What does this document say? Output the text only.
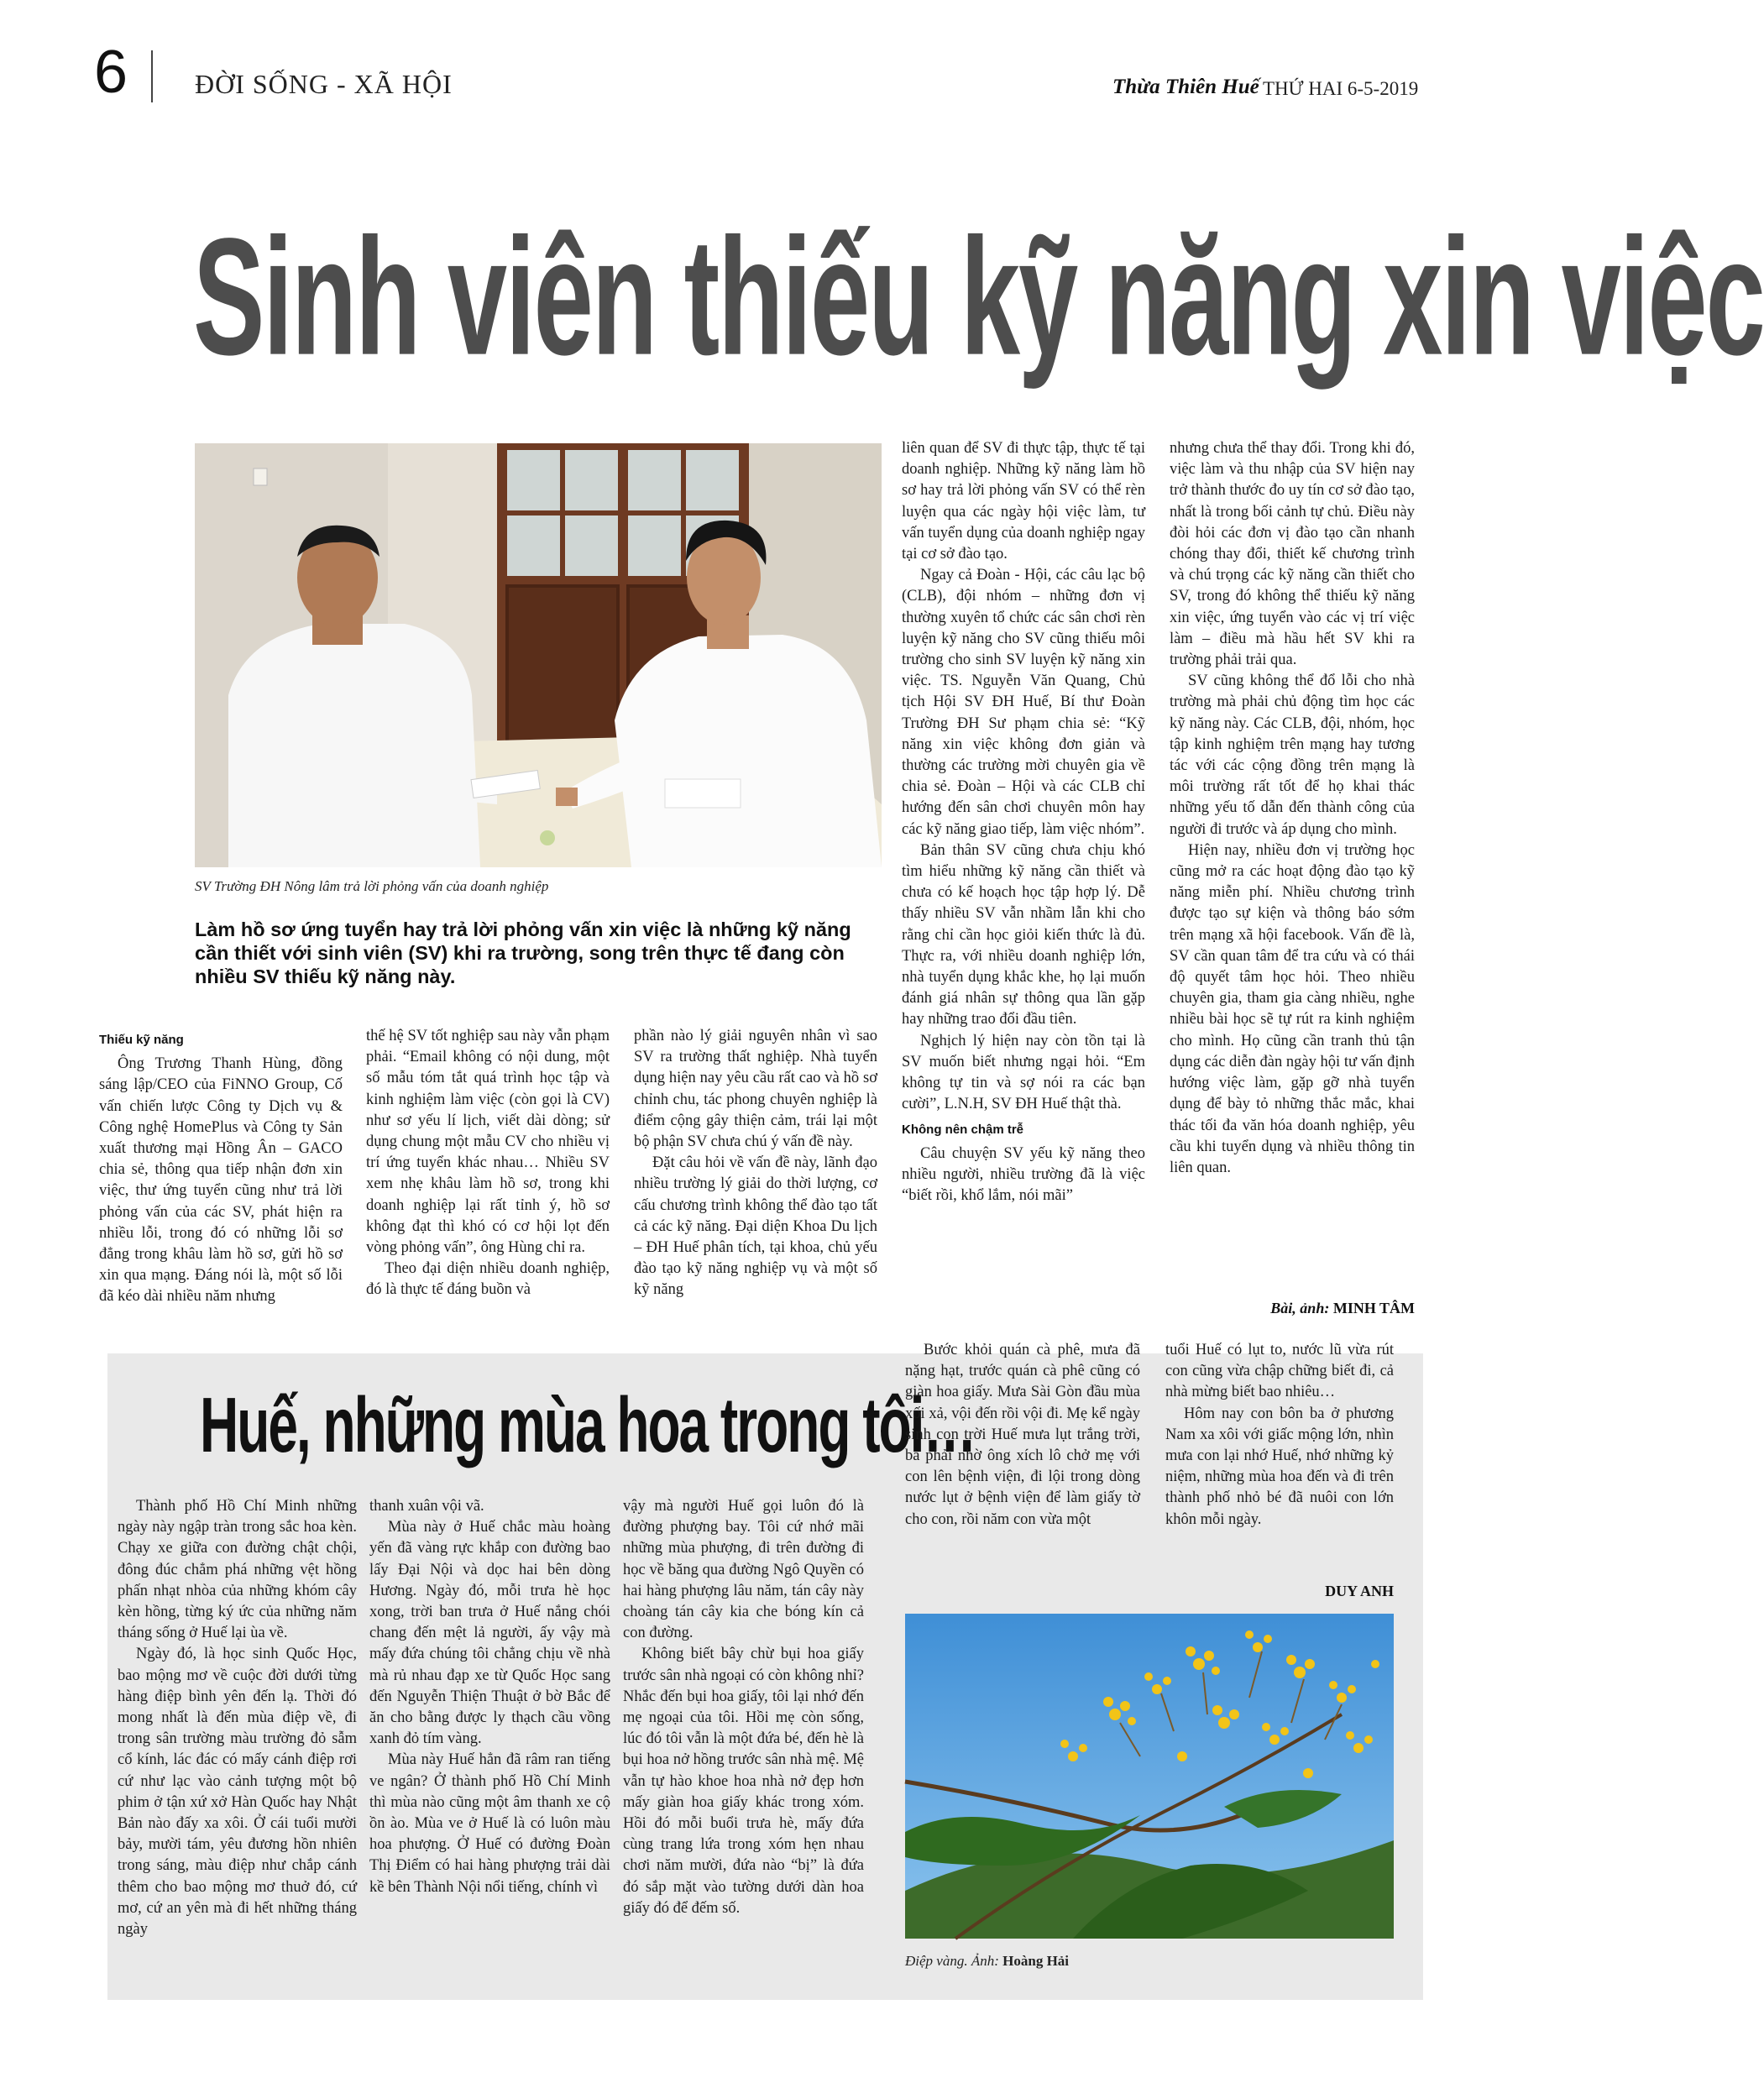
6 ĐỜI SỐNG - XÃ HỘI	Thừa Thiên Huế THỨ HAI 6-5-2019
Sinh viên thiếu kỹ năng xin việc
SV Trường ĐH Nông lâm trả lời phỏng vấn của doanh nghiệp
Làm hồ sơ ứng tuyển hay trả lời phỏng vấn xin việc là những kỹ năng cần thiết với sinh viên (SV) khi ra trường, song trên thực tế đang còn nhiều SV thiếu kỹ năng này.

Thiếu kỹ năng

Ông Trương Thanh Hùng, đồng sáng lập/CEO của FiNNO Group, Cố vấn chiến lược Công ty Dịch vụ & Công nghệ HomePlus và Công ty Sản xuất thương mại Hồng Ân – GACO chia sẻ, thông qua tiếp nhận đơn xin việc, thư ứng tuyển cũng như trả lời phỏng vấn của các SV, phát hiện ra nhiều lỗi, trong đó có những lỗi sơ đẳng trong khâu làm hồ sơ, gửi hồ sơ xin qua mạng. Đáng nói là, một số lỗi đã kéo dài nhiều năm nhưng

thế hệ SV tốt nghiệp sau này vẫn phạm phải. “Email không có nội dung, một số mẫu tóm tắt quá trình học tập và kinh nghiệm làm việc (còn gọi là CV) như sơ yếu lí lịch, viết dài dòng; sử dụng chung một mẫu CV cho nhiều vị trí ứng tuyển khác nhau… Nhiều SV xem nhẹ khâu làm hồ sơ, trong khi doanh nghiệp lại rất tỉnh ý, hồ sơ không đạt thì khó có cơ hội lọt đến vòng phỏng vấn”, ông Hùng chỉ ra.

Theo đại diện nhiều doanh nghiệp, đó là thực tế đáng buồn và

phần nào lý giải nguyên nhân vì sao SV ra trường thất nghiệp. Nhà tuyển dụng hiện nay yêu cầu rất cao và hồ sơ chỉnh chu, tác phong chuyên nghiệp là điểm cộng gây thiện cảm, trái lại một bộ phận SV chưa chú ý vấn đề này.

Đặt câu hỏi về vấn đề này, lãnh đạo nhiều trường lý giải do thời lượng, cơ cấu chương trình không thể đào tạo tất cả các kỹ năng. Đại diện Khoa Du lịch – ĐH Huế phân tích, tại khoa, chủ yếu đào tạo kỹ năng nghiệp vụ và một số kỹ năng

liên quan để SV đi thực tập, thực tế tại doanh nghiệp. Những kỹ năng làm hồ sơ hay trả lời phỏng vấn SV có thể rèn luyện qua các ngày hội việc làm, tư vấn tuyển dụng của doanh nghiệp ngay tại cơ sở đào tạo.

Ngay cả Đoàn - Hội, các câu lạc bộ (CLB), đội nhóm – những đơn vị thường xuyên tổ chức các sân chơi rèn luyện kỹ năng cho SV cũng thiếu môi trường cho sinh SV luyện kỹ năng xin việc. TS. Nguyễn Văn Quang, Chủ tịch Hội SV ĐH Huế, Bí thư Đoàn Trường ĐH Sư phạm chia sẻ: “Kỹ năng xin việc không đơn giản và thường các trường mời chuyên gia về chia sẻ. Đoàn – Hội và các CLB chỉ hướng đến sân chơi chuyên môn hay các kỹ năng giao tiếp, làm việc nhóm”.

Bản thân SV cũng chưa chịu khó tìm hiểu những kỹ năng cần thiết và chưa có kế hoạch học tập hợp lý. Dễ thấy nhiều SV vẫn nhầm lẫn khi cho rằng chỉ cần học giỏi kiến thức là đủ. Thực ra, với nhiều doanh nghiệp lớn, nhà tuyển dụng khắc khe, họ lại muốn đánh giá nhân sự thông qua lần gặp hay những trao đổi đầu tiên.

Nghịch lý hiện nay còn tồn tại là SV muốn biết nhưng ngại hỏi. “Em không tự tin và sợ nói ra các bạn cười”, L.N.H, SV ĐH Huế thật thà.

Không nên chậm trễ

Câu chuyện SV yếu kỹ năng theo nhiều người, nhiều trường đã là việc “biết rồi, khổ lắm, nói mãi”

nhưng chưa thể thay đổi. Trong khi đó, việc làm và thu nhập của SV hiện nay trở thành thước đo uy tín cơ sở đào tạo, nhất là trong bối cảnh tự chủ. Điều này đòi hỏi các đơn vị đào tạo cần nhanh chóng thay đổi, thiết kế chương trình và chú trọng các kỹ năng cần thiết cho SV, trong đó không thể thiếu kỹ năng xin việc, ứng tuyển vào các vị trí việc làm – điều mà hầu hết SV khi ra trường phải trải qua.

SV cũng không thể đổ lỗi cho nhà trường mà phải chủ động tìm học các kỹ năng này. Các CLB, đội, nhóm, học tập kinh nghiệm trên mạng hay tương tác với các cộng đồng trên mạng là môi trường rất tốt để họ khai thác những yếu tố dẫn đến thành công của người đi trước và áp dụng cho mình.

Hiện nay, nhiều đơn vị trường học cũng mở ra các hoạt động đào tạo kỹ năng miễn phí. Nhiều chương trình được tạo sự kiện và thông báo sớm trên mạng xã hội facebook. Vấn đề là, SV cần quan tâm để tra cứu và có thái độ quyết tâm học hỏi. Theo nhiều chuyên gia, tham gia càng nhiều, nghe nhiều bài học sẽ tự rút ra kinh nghiệm cho mình. Họ cũng cần tranh thủ tận dụng các diễn đàn ngày hội tư vấn định hướng việc làm, gặp gỡ nhà tuyển dụng để bày tỏ những thắc mắc, khai thác tối đa văn hóa doanh nghiệp, yêu cầu khi tuyển dụng và nhiều thông tin liên quan.

Bài, ảnh: MINH TÂM
Huế, những mùa hoa trong tôi…

Thành phố Hồ Chí Minh những ngày này ngập tràn trong sắc hoa kèn. Chạy xe giữa con đường chật chội, đông đúc chẳm phá những vệt hồng phấn nhạt nhòa của những khóm cây kèn hồng, từng ký ức của những năm tháng sống ở Huế lại ùa về.

Ngày đó, là học sinh Quốc Học, bao mộng mơ về cuộc đời dưới từng hàng điệp bình yên đến lạ. Thời đó mong nhất là đến mùa điệp về, đi trong sân trường màu trường đỏ sẫm cổ kính, lác đác có mấy cánh điệp rơi cứ như lạc vào cảnh tượng một bộ phim ở tận xứ xở Hàn Quốc hay Nhật Bản nào đấy xa xôi. Ở cái tuổi mười bảy, mười tám, yêu đương hồn nhiên trong sáng, màu điệp như chắp cánh thêm cho bao mộng mơ thuở đó, cứ mơ, cứ an yên mà đi hết những tháng ngày

thanh xuân vội vã.

Mùa này ở Huế chắc màu hoàng yến đã vàng rực khắp con đường bao lấy Đại Nội và dọc hai bên dòng Hương. Ngày đó, mỗi trưa hè học xong, trời ban trưa ở Huế nắng chói chang đến mệt lả người, ấy vậy mà mấy đứa chúng tôi chẳng chịu về nhà mà rủ nhau đạp xe từ Quốc Học sang đến Nguyễn Thiện Thuật ở bờ Bắc để ăn cho bằng được ly thạch cầu vồng xanh đỏ tím vàng.

Mùa này Huế hẳn đã râm ran tiếng ve ngân? Ở thành phố Hồ Chí Minh thì mùa nào cũng một âm thanh xe cộ ồn ào. Mùa ve ở Huế là có luôn màu hoa phượng. Ở Huế có đường Đoàn Thị Điểm có hai hàng phượng trải dài kề bên Thành Nội nổi tiếng, chính vì

vậy mà người Huế gọi luôn đó là đường phượng bay. Tôi cứ nhớ mãi những mùa phượng, đi trên đường đi học về băng qua đường Ngô Quyền có hai hàng phượng lâu năm, tán cây này choàng tán cây kia che bóng kín cả con đường.

Không biết bây chừ bụi hoa giấy trước sân nhà ngoại có còn không nhỉ? Nhắc đến bụi hoa giấy, tôi lại nhớ đến mẹ ngoại của tôi. Hồi mẹ còn sống, lúc đó tôi vẫn là một đứa bé, đến hè là bụi hoa nở hồng trước sân nhà mệ. Mệ vẫn tự hào khoe hoa nhà nở đẹp hơn mấy giàn hoa giấy khác trong xóm. Hồi đó mỗi buổi trưa hè, mấy đứa cùng trang lứa trong xóm hẹn nhau chơi năm mười, đứa nào “bị” là đứa đó sắp mặt vào tường dưới dàn hoa giấy đó để đếm số.

Bước khỏi quán cà phê, mưa đã nặng hạt, trước quán cà phê cũng có giàn hoa giấy. Mưa Sài Gòn đầu mùa xối xả, vội đến rồi vội đi. Mẹ kể ngày sinh con trời Huế mưa lụt trắng trời, ba phải nhờ ông xích lô chở mẹ với con lên bệnh viện, đi lội trong dòng nước lụt ở bệnh viện để làm giấy tờ cho con, rồi năm con vừa một

tuổi Huế có lụt to, nước lũ vừa rút con cũng vừa chập chững biết đi, cả nhà mừng biết bao nhiêu…

Hôm nay con bôn ba ở phương Nam xa xôi với giấc mộng lớn, nhìn mưa con lại nhớ Huế, nhớ những kỷ niệm, những mùa hoa đến và đi trên thành phố nhỏ bé đã nuôi con lớn khôn mỗi ngày.

DUY ANH
Điệp vàng. Ảnh: Hoàng Hải
